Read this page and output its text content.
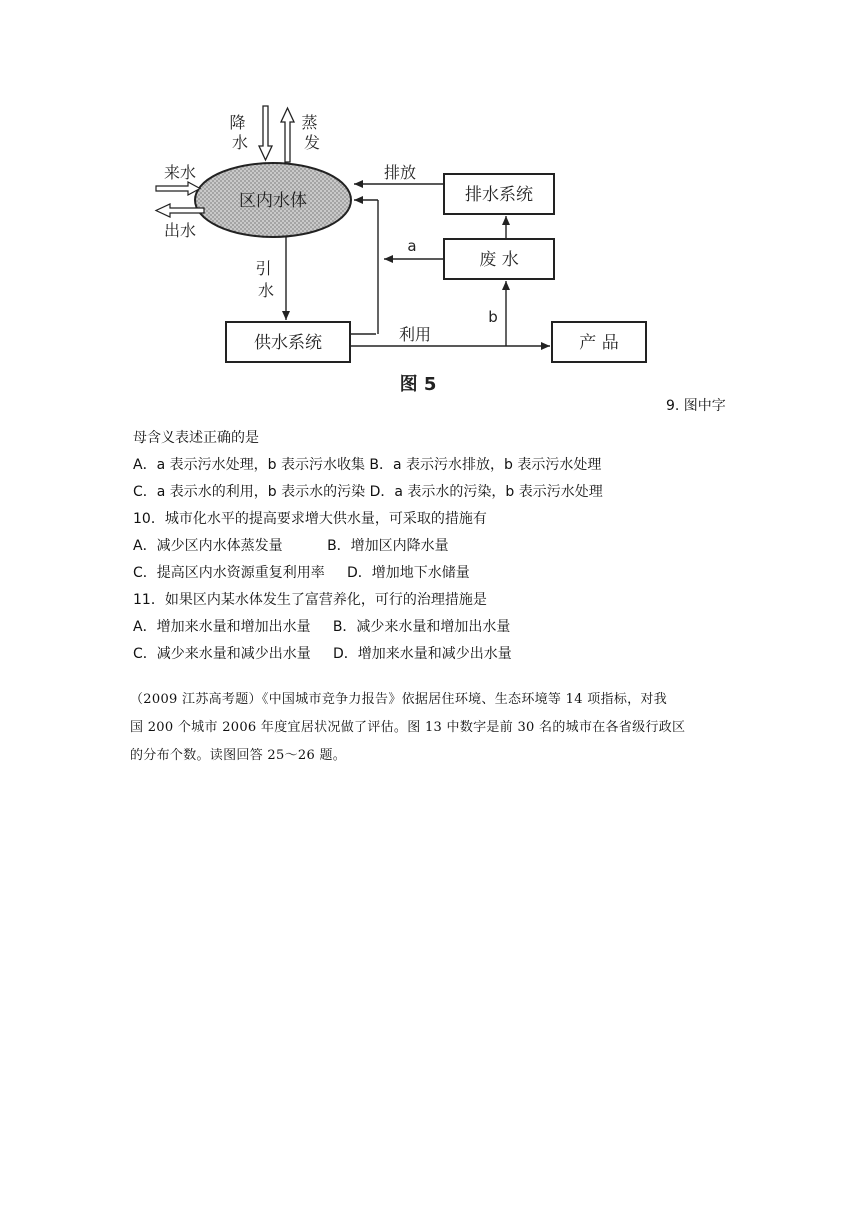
区内水体
降 水
蒸 发
来水
出水
排水系统
排放
废 水
a
引 水
供水系统	利用
b
产 品
图 5
9. 图中字
母含义表述正确的是
A．a 表示污水处理，b 表示污水收集 B．a 表示污水排放，b 表示污水处理
C．a 表示水的利用，b 表示水的污染 D．a 表示水的污染，b 表示污水处理
10．城市化水平的提高要求增大供水量，可采取的措施有
A．减少区内水体蒸发量          B．增加区内降水量
C．提高区内水资源重复利用率     D．增加地下水储量
11．如果区内某水体发生了富营养化，可行的治理措施是
A．增加来水量和增加出水量     B．减少来水量和增加出水量
C．减少来水量和减少出水量     D．增加来水量和减少出水量
（2009 江苏高考题）《中国城市竞争力报告》依据居住环境、生态环境等 14 项指标，对我
国 200 个城市 2006 年度宜居状况做了评估。图 13 中数字是前 30 名的城市在各省级行政区
的分布个数。读图回答 25～26 题。
